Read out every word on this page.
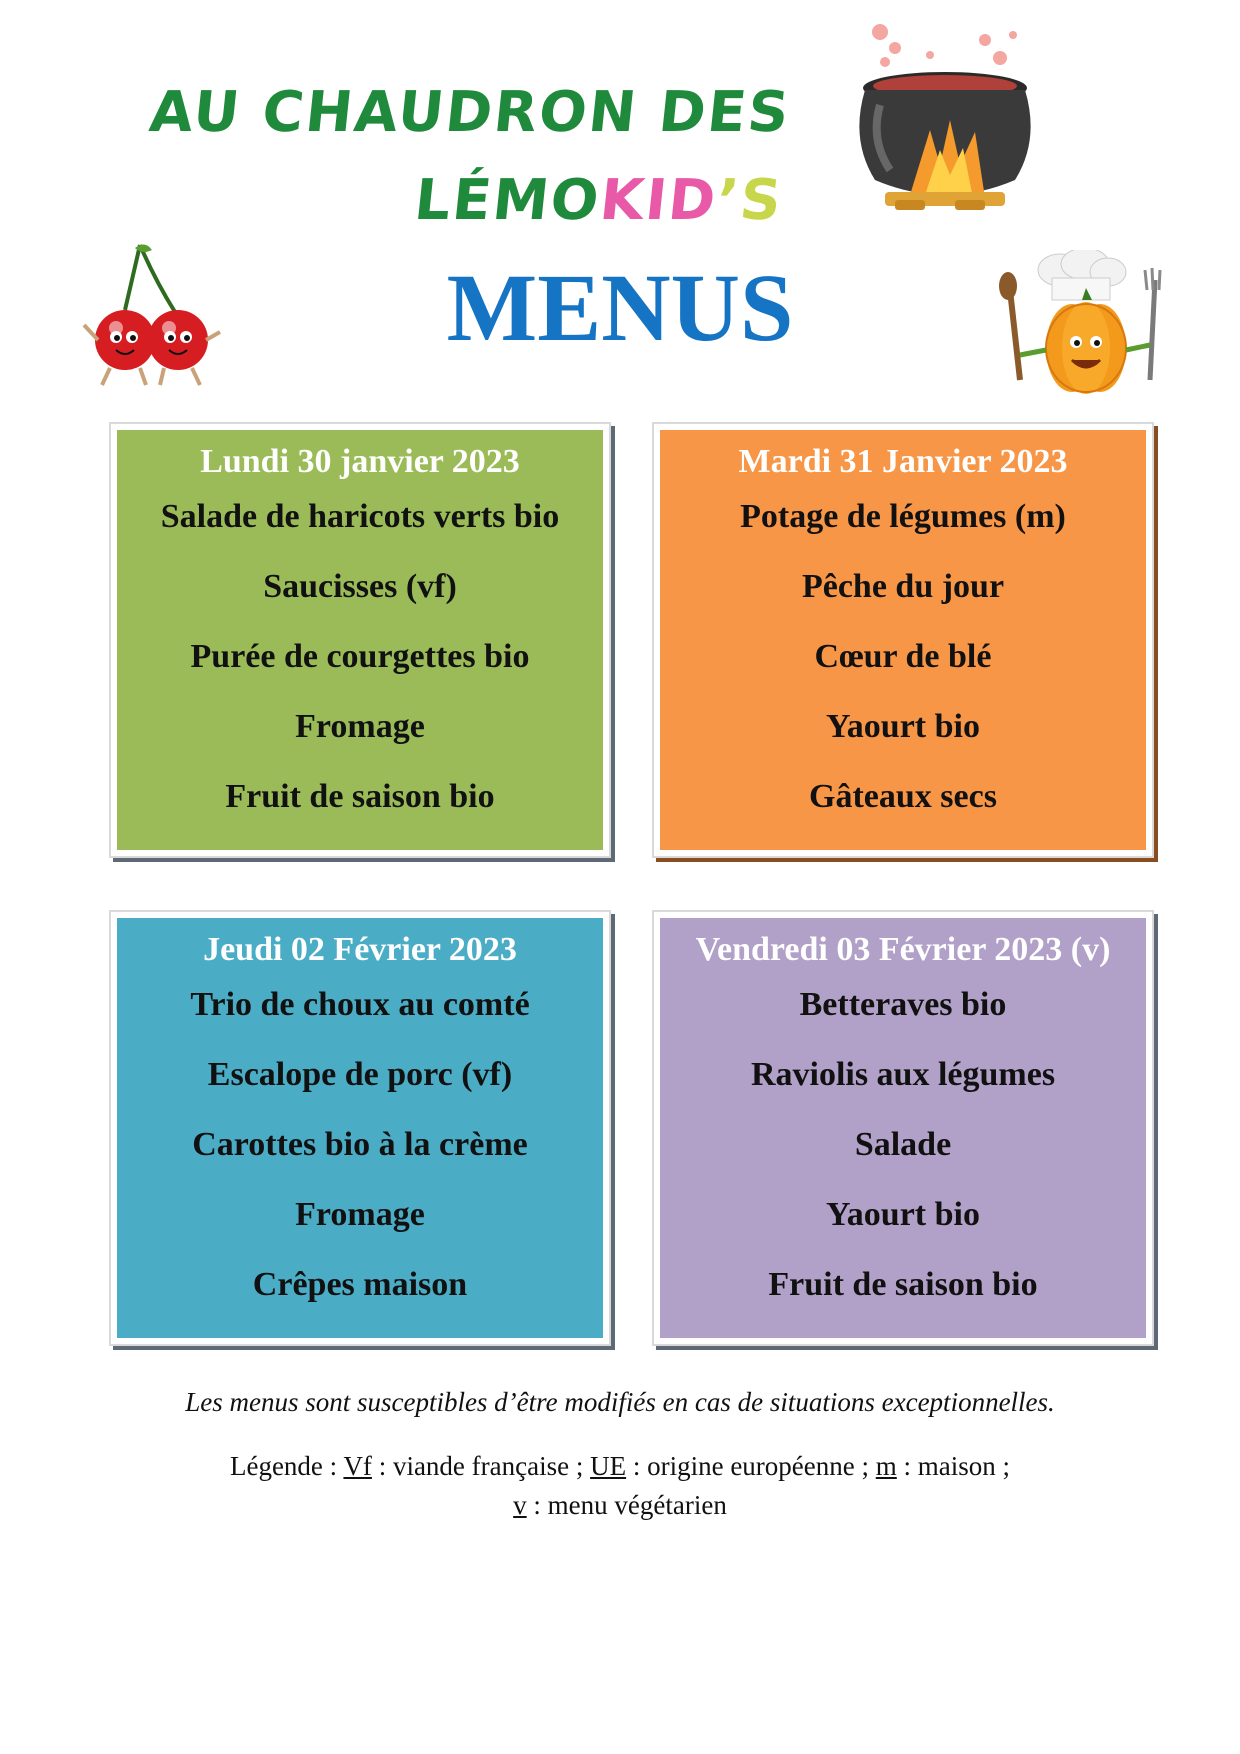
AU CHAUDRON DES
LÉMOKID’S
MENUS
Lundi 30 janvier 2023
Salade de haricots verts bio
Saucisses (vf)
Purée de courgettes bio
Fromage
Fruit de saison bio
Mardi 31 Janvier 2023
Potage de légumes (m)
Pêche du jour
Cœur de blé
Yaourt bio
Gâteaux secs
Jeudi 02 Février 2023
Trio de choux au comté
Escalope de porc (vf)
Carottes bio à la crème
Fromage
Crêpes maison
Vendredi 03 Février 2023 (v)
Betteraves bio
Raviolis aux légumes
Salade
Yaourt bio
Fruit de saison bio
Les menus sont susceptibles d’être modifiés en cas de situations exceptionnelles.
Légende : Vf : viande française ; UE : origine européenne ; m : maison ;
v : menu végétarien
